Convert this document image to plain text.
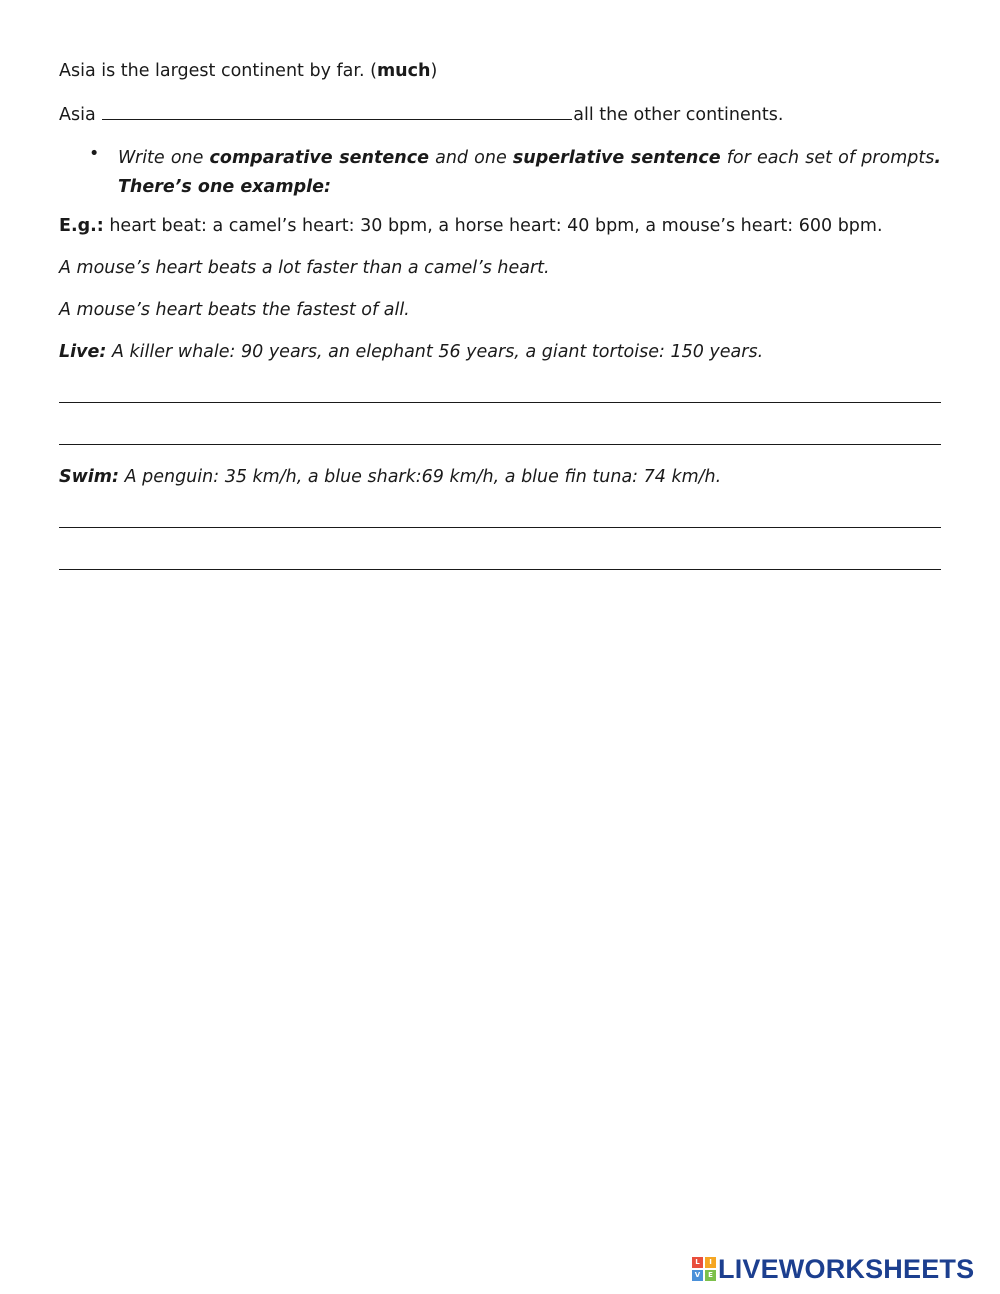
Asia is the largest continent by far. (much)
Asia	all the other continents.
• Write one comparative sentence and one superlative sentence for each set of prompts.
There’s one example:
E.g.: heart beat: a camel’s heart: 30 bpm, a horse heart: 40 bpm, a mouse’s heart: 600 bpm.
A mouse’s heart beats a lot faster than a camel’s heart.
A mouse’s heart beats the fastest of all.
Live: A killer whale: 90 years, an elephant 56 years, a giant tortoise: 150 years.
Swim: A penguin: 35 km/h, a blue shark:69 km/h, a blue fin tuna: 74 km/h.
L	I
V	E LIVEWORKSHEETS
